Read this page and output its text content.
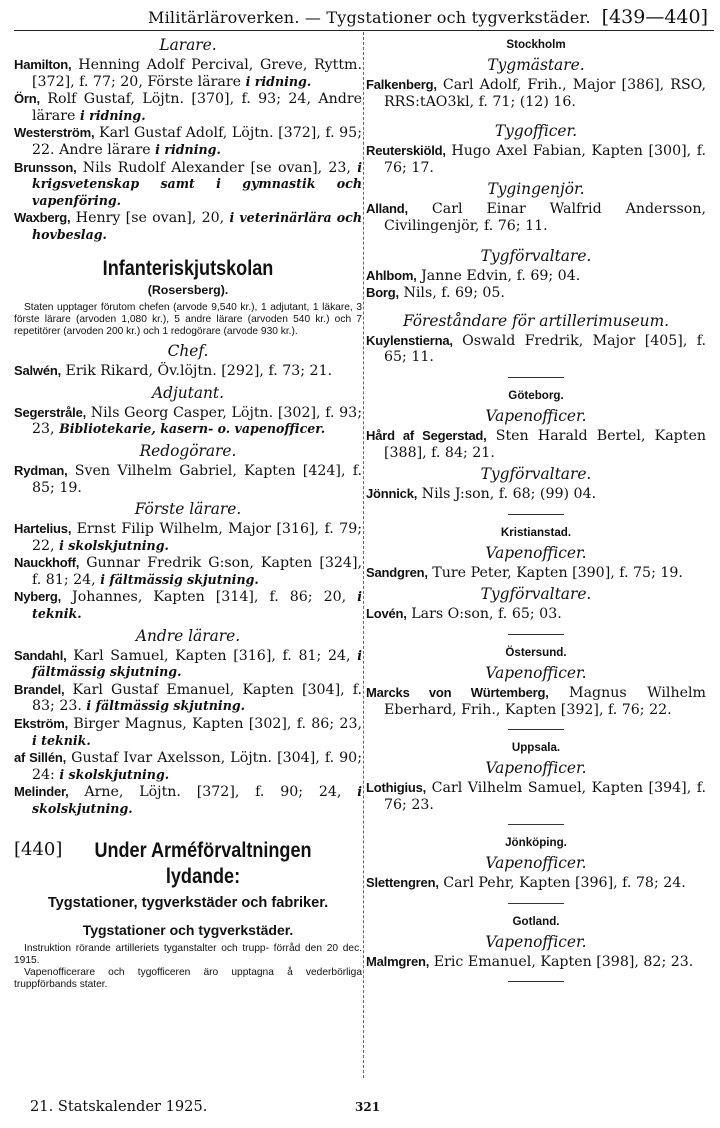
Militärläroverken. — Tygstationer och tygverkstäder. [439—440]
Larare.

Hamilton, Henning Adolf Percival, Greve, Ryttm. [372], f. 77; 20, Förste lärare i ridning.

Örn, Rolf Gustaf, Löjtn. [370], f. 93; 24, Andre lärare i ridning.

Westerström, Karl Gustaf Adolf, Löjtn. [372], f. 95; 22. Andre lärare i ridning.

Brunsson, Nils Rudolf Alexander [se ovan], 23, i krigsvetenskap samt i gymnastik och vapenföring.

Waxberg, Henry [se ovan], 20, i veterinärlära och hovbeslag.

Infanteriskjutskolan
(Rosersberg).
Staten upptager förutom chefen (arvode 9,540 kr.), 1 adjutant, 1 läkare, 3 förste lärare (arvoden 1,080 kr.), 5 andre lärare (arvoden 540 kr.) och 7 repetitörer (arvoden 200 kr.) och 1 redogörare (arvode 930 kr.).
Chef.

Salwén, Erik Rikard, Öv.löjtn. [292], f. 73; 21.

Adjutant.

Segerstråle, Nils Georg Casper, Löjtn. [302], f. 93; 23, Bibliotekarie, kasern- o. vapenofficer.

Redogörare.

Rydman, Sven Vilhelm Gabriel, Kapten [424], f. 85; 19.

Förste lärare.

Hartelius, Ernst Filip Wilhelm, Major [316], f. 79; 22, i skolskjutning.

Nauckhoff, Gunnar Fredrik G:son, Kapten [324], f. 81; 24, i fältmässig skjutning.

Nyberg, Johannes, Kapten [314], f. 86; 20, i teknik.

Andre lärare.

Sandahl, Karl Samuel, Kapten [316], f. 81; 24, i fältmässig skjutning.

Brandel, Karl Gustaf Emanuel, Kapten [304], f. 83; 23. i fältmässig skjutning.

Ekström, Birger Magnus, Kapten [302], f. 86; 23, i teknik.

af Sillén, Gustaf Ivar Axelsson, Löjtn. [304], f. 90; 24: i skolskjutning.

Melinder, Arne, Löjtn. [372], f. 90; 24, i skolskjutning.

[440]	Under Arméförvaltningen
lydande:
Tygstationer, tygverkstäder och fabriker.
Tygstationer och tygverkstäder.
Instruktion rörande artilleriets tyganstalter och trupp- förråd den 20 dec. 1915.
Vapenofficerare och tygofficeren äro upptagna å vederbörliga truppförbands stater.
Stockholm
Tygmästare.

Falkenberg, Carl Adolf, Frih., Major [386], RSO, RRS:tAO3kl, f. 71; (12) 16.

Tygofficer.

Reuterskiöld, Hugo Axel Fabian, Kapten [300], f. 76; 17.

Tygingenjör.

Alland, Carl Einar Walfrid Andersson, Civilingenjör, f. 76; 11.

Tygförvaltare.

Ahlbom, Janne Edvin, f. 69; 04.

Borg, Nils, f. 69; 05.

Föreståndare för artillerimuseum.

Kuylenstierna, Oswald Fredrik, Major [405], f. 65; 11.

Göteborg.
Vapenofficer.

Hård af Segerstad, Sten Harald Bertel, Kapten [388], f. 84; 21.

Tygförvaltare.

Jönnick, Nils J:son, f. 68; (99) 04.

Kristianstad.
Vapenofficer.

Sandgren, Ture Peter, Kapten [390], f. 75; 19.

Tygförvaltare.

Lovén, Lars O:son, f. 65; 03.

Östersund.
Vapenofficer.

Marcks von Würtemberg, Magnus Wilhelm Eberhard, Frih., Kapten [392], f. 76; 22.

Uppsala.
Vapenofficer.

Lothigius, Carl Vilhelm Samuel, Kapten [394], f. 76; 23.

Jönköping.
Vapenofficer.

Slettengren, Carl Pehr, Kapten [396], f. 78; 24.

Gotland.
Vapenofficer.

Malmgren, Eric Emanuel, Kapten [398], 82; 23.

21. Statskalender 1925.	321
